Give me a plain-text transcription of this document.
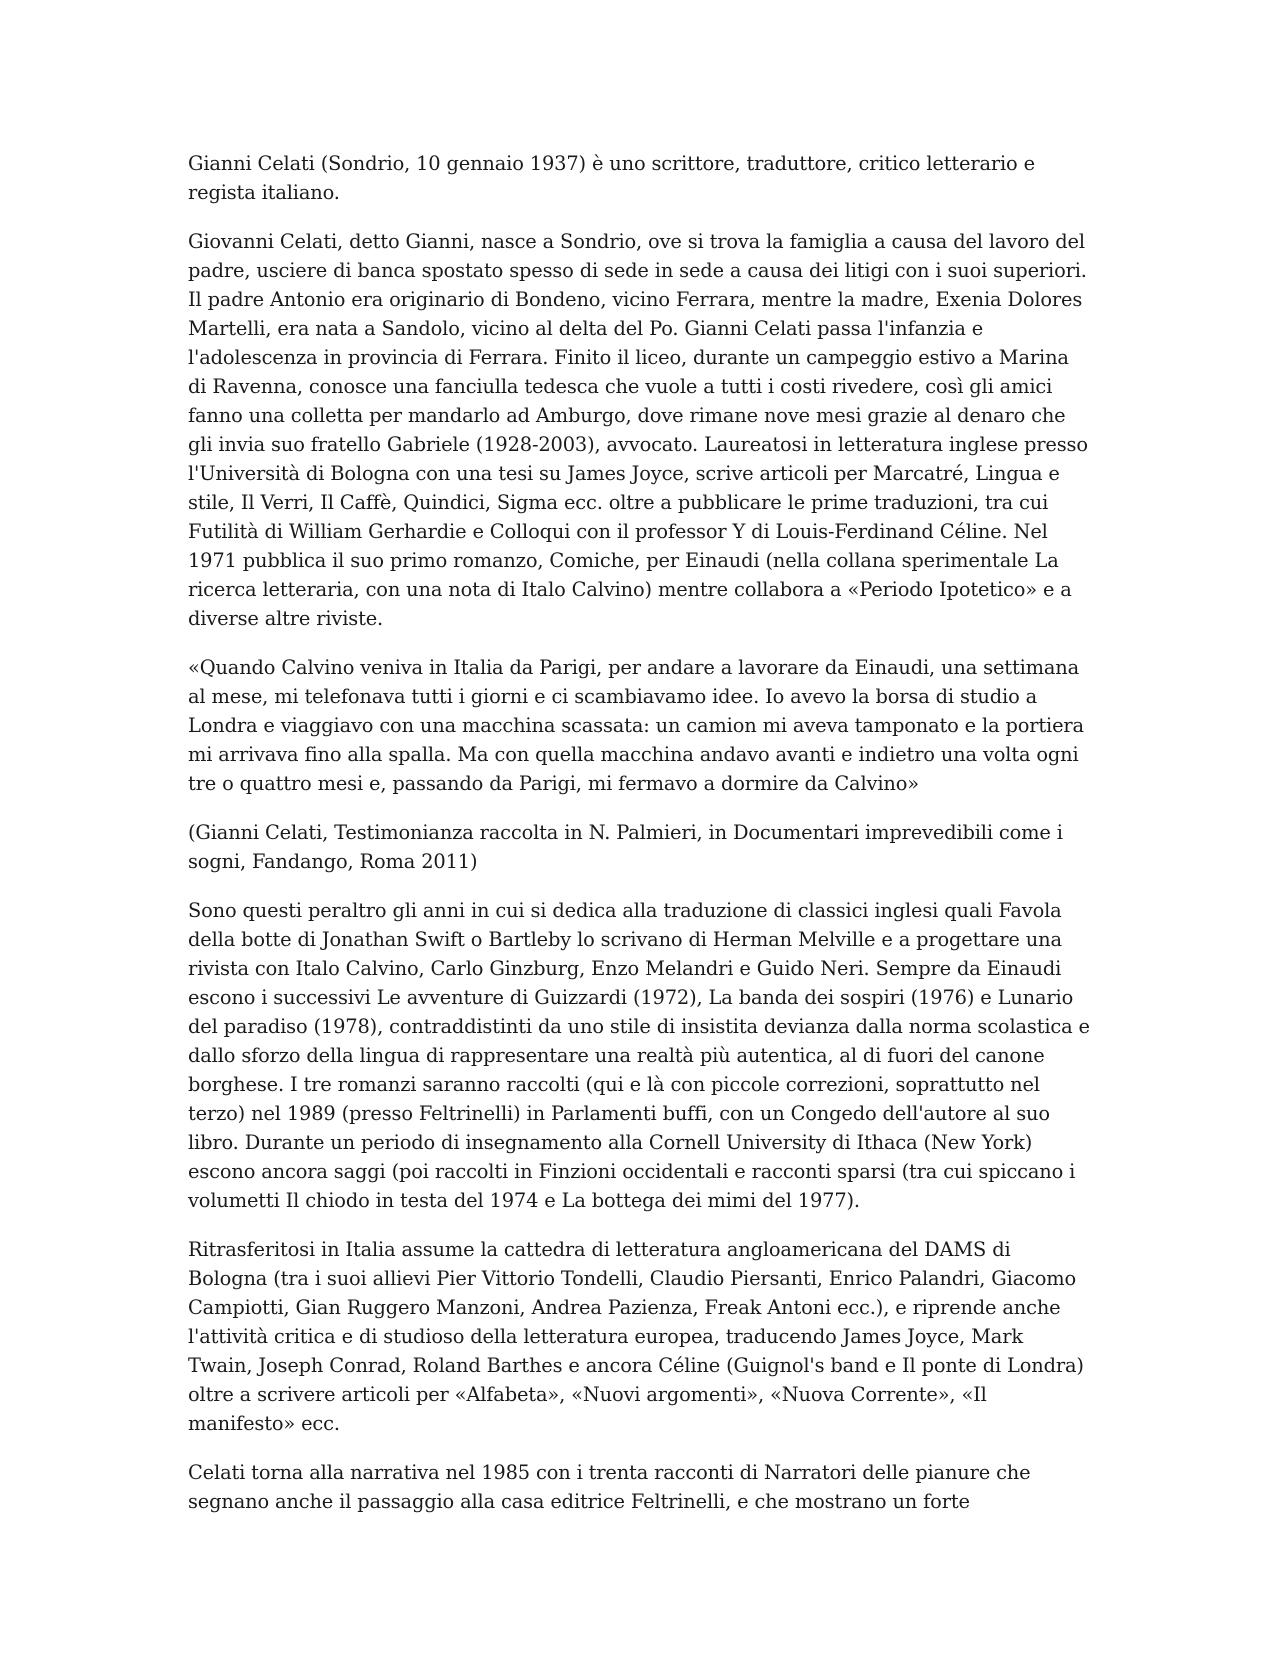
Gianni Celati (Sondrio, 10 gennaio 1937) è uno scrittore, traduttore, critico letterario e regista italiano.

Giovanni Celati, detto Gianni, nasce a Sondrio, ove si trova la famiglia a causa del lavoro del padre, usciere di banca spostato spesso di sede in sede a causa dei litigi con i suoi superiori. Il padre Antonio era originario di Bondeno, vicino Ferrara, mentre la madre, Exenia Dolores Martelli, era nata a Sandolo, vicino al delta del Po. Gianni Celati passa l'infanzia e l'adolescenza in provincia di Ferrara. Finito il liceo, durante un campeggio estivo a Marina di Ravenna, conosce una fanciulla tedesca che vuole a tutti i costi rivedere, così gli amici fanno una colletta per mandarlo ad Amburgo, dove rimane nove mesi grazie al denaro che gli invia suo fratello Gabriele (1928-2003), avvocato. Laureatosi in letteratura inglese presso l'Università di Bologna con una tesi su James Joyce, scrive articoli per Marcatré, Lingua e stile, Il Verri, Il Caffè, Quindici, Sigma ecc. oltre a pubblicare le prime traduzioni, tra cui Futilità di William Gerhardie e Colloqui con il professor Y di Louis-Ferdinand Céline. Nel 1971 pubblica il suo primo romanzo, Comiche, per Einaudi (nella collana sperimentale La ricerca letteraria, con una nota di Italo Calvino) mentre collabora a «Periodo Ipotetico» e a diverse altre riviste.

«Quando Calvino veniva in Italia da Parigi, per andare a lavorare da Einaudi, una settimana al mese, mi telefonava tutti i giorni e ci scambiavamo idee. Io avevo la borsa di studio a Londra e viaggiavo con una macchina scassata: un camion mi aveva tamponato e la portiera mi arrivava fino alla spalla. Ma con quella macchina andavo avanti e indietro una volta ogni tre o quattro mesi e, passando da Parigi, mi fermavo a dormire da Calvino»

(Gianni Celati, Testimonianza raccolta in N. Palmieri, in Documentari imprevedibili come i sogni, Fandango, Roma 2011)

Sono questi peraltro gli anni in cui si dedica alla traduzione di classici inglesi quali Favola della botte di Jonathan Swift o Bartleby lo scrivano di Herman Melville e a progettare una rivista con Italo Calvino, Carlo Ginzburg, Enzo Melandri e Guido Neri. Sempre da Einaudi escono i successivi Le avventure di Guizzardi (1972), La banda dei sospiri (1976) e Lunario del paradiso (1978), contraddistinti da uno stile di insistita devianza dalla norma scolastica e dallo sforzo della lingua di rappresentare una realtà più autentica, al di fuori del canone borghese. I tre romanzi saranno raccolti (qui e là con piccole correzioni, soprattutto nel terzo) nel 1989 (presso Feltrinelli) in Parlamenti buffi, con un Congedo dell'autore al suo libro. Durante un periodo di insegnamento alla Cornell University di Ithaca (New York) escono ancora saggi (poi raccolti in Finzioni occidentali e racconti sparsi (tra cui spiccano i volumetti Il chiodo in testa del 1974 e La bottega dei mimi del 1977).

Ritrasferitosi in Italia assume la cattedra di letteratura angloamericana del DAMS di Bologna (tra i suoi allievi Pier Vittorio Tondelli, Claudio Piersanti, Enrico Palandri, Giacomo Campiotti, Gian Ruggero Manzoni, Andrea Pazienza, Freak Antoni ecc.), e riprende anche l'attività critica e di studioso della letteratura europea, traducendo James Joyce, Mark Twain, Joseph Conrad, Roland Barthes e ancora Céline (Guignol's band e Il ponte di Londra) oltre a scrivere articoli per «Alfabeta», «Nuovi argomenti», «Nuova Corrente», «Il manifesto» ecc.

Celati torna alla narrativa nel 1985 con i trenta racconti di Narratori delle pianure che segnano anche il passaggio alla casa editrice Feltrinelli, e che mostrano un forte
